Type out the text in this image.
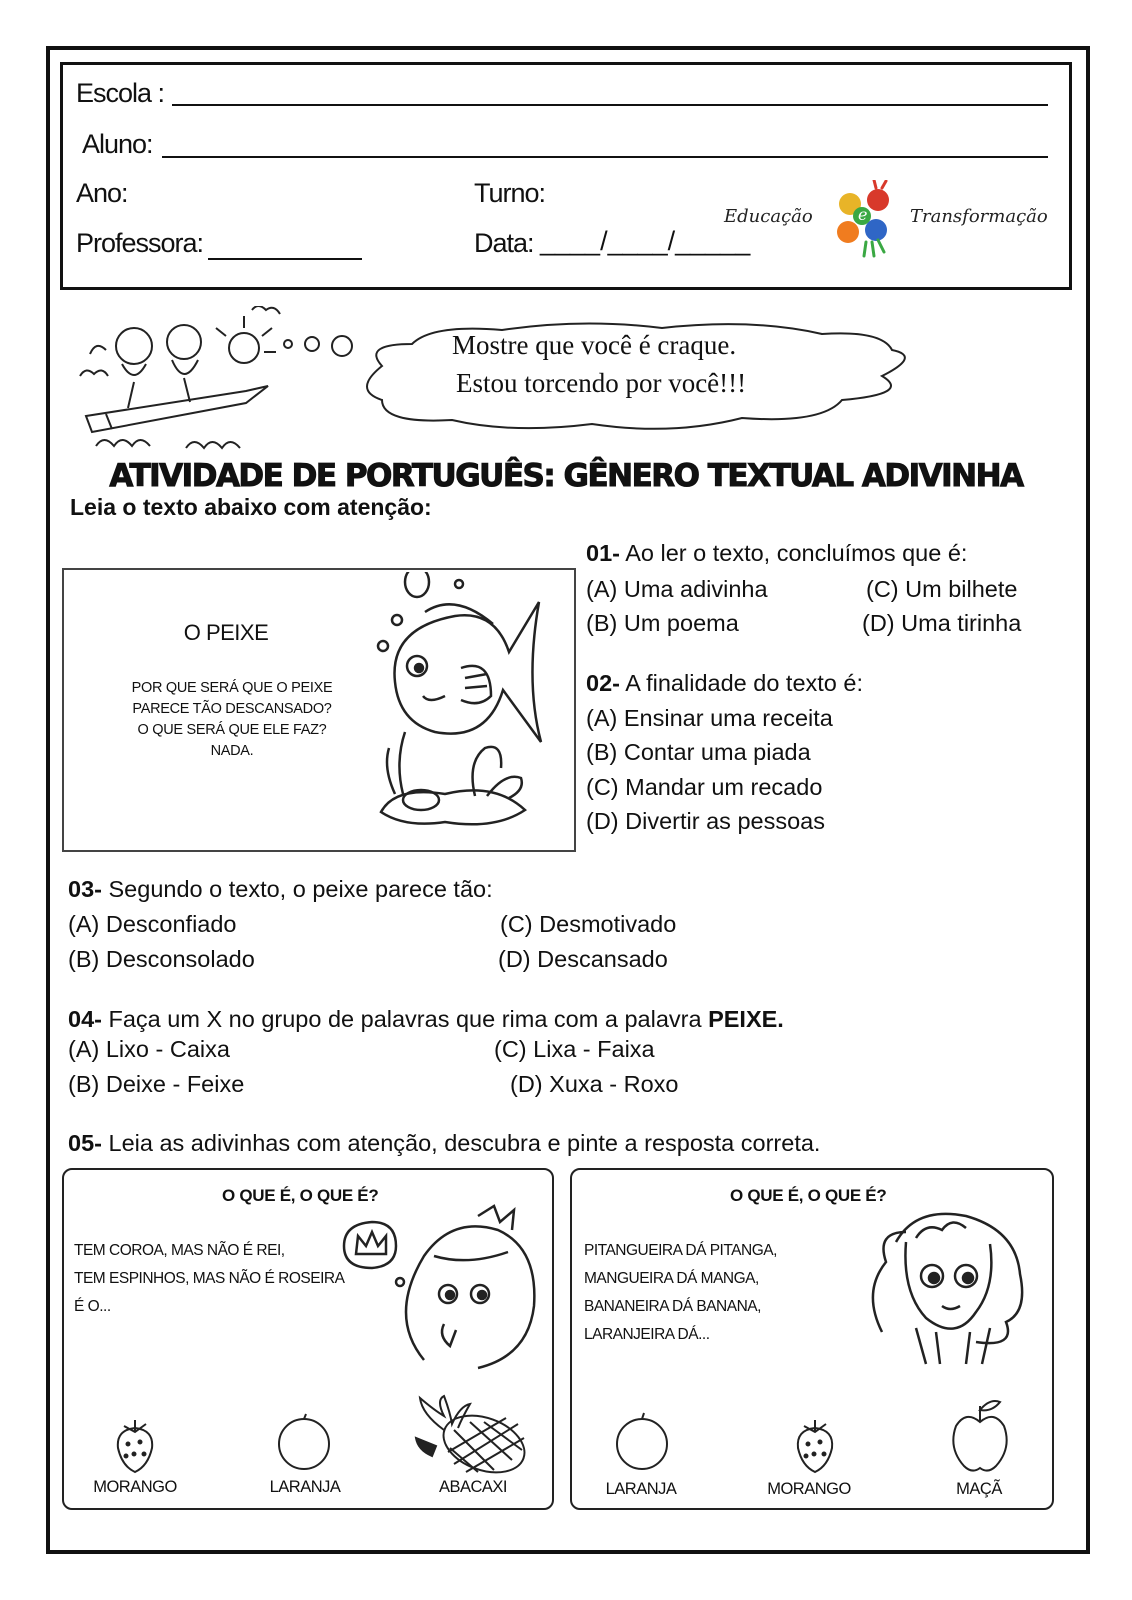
Escola :
Aluno:
Ano:	Turno:
Professora:	Data: ____/____/_____
Educação	e Transformação
Mostre que você é craque.
Estou torcendo por você!!!
ATIVIDADE DE PORTUGUÊS: GÊNERO TEXTUAL ADIVINHA
Leia o texto abaixo com atenção:
O PEIXE
POR QUE SERÁ QUE O PEIXE
PARECE TÃO DESCANSADO?
O QUE SERÁ QUE ELE FAZ?
NADA.
01- Ao ler o texto, concluímos que é:
(A) Uma adivinha	(C) Um bilhete
(B) Um poema	(D) Uma tirinha
02- A finalidade do texto é:
(A) Ensinar uma receita
(B) Contar uma piada
(C) Mandar um recado
(D) Divertir as pessoas
03- Segundo o texto, o peixe parece tão:
(A) Desconfiado	(C) Desmotivado
(B) Desconsolado	(D) Descansado
04- Faça um X no grupo de palavras que rima com a palavra PEIXE.
(A) Lixo - Caixa	(C) Lixa - Faixa
(B) Deixe - Feixe	(D) Xuxa - Roxo
05- Leia as adivinhas com atenção, descubra e pinte a resposta correta.
O QUE É, O QUE É?
TEM COROA, MAS NÃO É REI,
TEM ESPINHOS, MAS NÃO É ROSEIRA
É O...
MORANGO	LARANJA	ABACAXI
O QUE É, O QUE É?
PITANGUEIRA DÁ PITANGA,
MANGUEIRA DÁ MANGA,
BANANEIRA DÁ BANANA,
LARANJEIRA DÁ...
LARANJA	MORANGO	MAÇÃ
